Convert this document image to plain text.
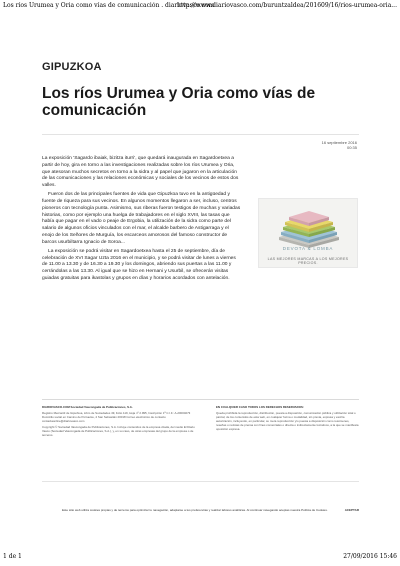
Los ríos Urumea y Oria como vías de comunicación . diariovasco.com
http://www.diariovasco.com/buruntzaldea/201609/16/rios-urumea-oria...
GIPUZKOA
Los ríos Urumea y Oria como vías de comunicación
16 septiembre 2016
00:35

La exposición 'Sagardo ibaiak, bizitza iturri', que quedará inaugurada en Sagardoetxea a partir de hoy, gira en torno a las investigaciones realizadas sobre los ríos Urumea y Oria, que atesoran muchos secretos en torno a la sidra y al papel que jugaron en la articulación de las comunicaciones y las relaciones económicas y sociales de los vecinos de estos dos valles.

Fueron dos de las principales fuentes de vida que Gipuzkoa tuvo en la antigüedad y fuente de riqueza para sus vecinos. En algunos momentos llegaron a ser, incluso, centros pioneros con tecnología punta. Asimismo, sus riberas fueron testigos de muchas y variadas historias, como por ejemplo una huelga de trabajadores en el siglo XVIII, las tasas que había que pagar en el vado o peaje de Ergobia, la utilización de la sidra como parte del salario de algunos oficios vinculados con el mar, el alcalde barbero de Astigarraga y el enojo de los Señores de Murguía, los escarceos amorosos del famoso constructor de barcos usurbiltarra Ignacio de Soroa...

La exposición se podrá visitar en Sagardoetxea hasta el 25 de septiembre, día de celebración de XVI Sagar Uzta 2016 en el municipio, y se podrá visitar de lunes a viernes de 11.00 a 13.30 y de 16.30 a 19.30 y los domingos, abriendo sus puertas a las 11.00 y cerrándolas a las 13.30. Al igual que se hizo en Hernani y Usurbil, se ofrecerán visitas guiadas gratuitas para ikastolas y grupos en días y horarios acordados con antelación.

DEVOTA & LOMBA
LAS MEJORES MARCAS A LOS MEJORES PRECIOS.
DIARIOVASCO.COM Sociedad Vascongada de Publicaciones, S.A.
Registro Mercantil de Gipuzkoa, Libro de Sociedades 49, Folio 119, Hoja nº 2.995, Inscripción 1ª C.I.F.: A-20004073 Domicilio social en Camino de Portuetxe, 2 San Sebastián 20018 Correo electrónico de contacto contactaonline@diariovasco.com
Copyright © Sociedad Vascongada de Publicaciones, S.A. Incluye contenidos de la empresa citada, del medio El Diario Vasco (Sociedad Vascongada de Publicaciones, S.A.), y, en su caso, de otras empresas del grupo de la empresa o de terceros.
EN CUALQUIER CASO TODOS LOS DERECHOS RESERVADOS:
Queda prohibida la reproducción, distribución, puesta a disposición, comunicación pública y utilización total o parcial, de los contenidos de esta web, en cualquier forma o modalidad, sin previa, expresa y escrita autorización, incluyendo, en particular, su mera reproducción y/o puesta a disposición como resúmenes, reseñas o revistas de prensa con fines comerciales o directa o indirectamente lucrativos, a la que se manifiesta oposición expresa.
Este sitio web utiliza cookies propias y de terceros para optimizar tu navegación, adaptarse a tus preferencias y realizar labores analíticas. Al continuar navegando aceptas nuestra Política de Cookies.	ACEPTAR
1 de 1	27/09/2016 15:46
